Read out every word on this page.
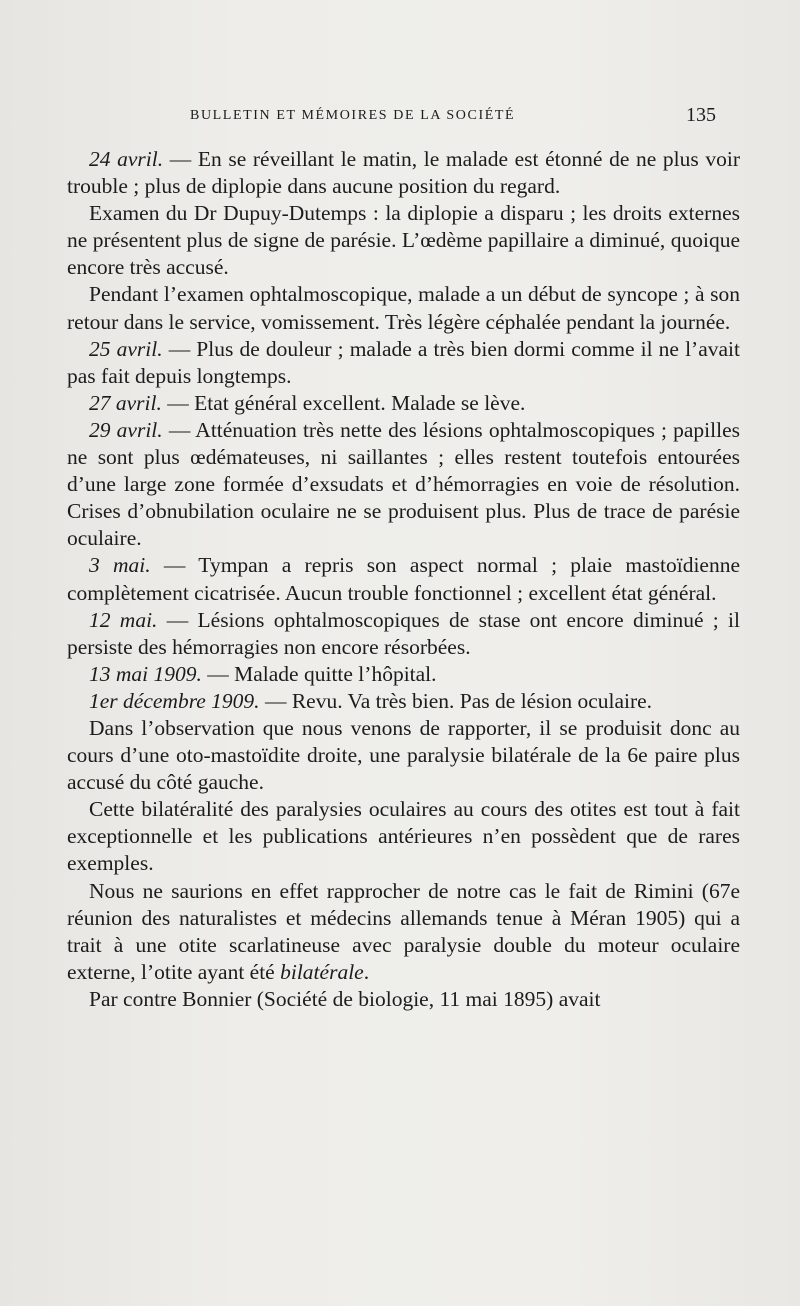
BULLETIN ET MÉMOIRES DE LA SOCIÉTÉ	135

24 avril. — En se réveillant le matin, le malade est étonné de ne plus voir trouble ; plus de diplopie dans aucune position du regard.

Examen du Dr Dupuy-Dutemps : la diplopie a disparu ; les droits externes ne présentent plus de signe de parésie. L’œdème papillaire a diminué, quoique encore très accusé.

Pendant l’examen ophtalmoscopique, malade a un début de syncope ; à son retour dans le service, vomissement. Très légère céphalée pendant la journée.

25 avril. — Plus de douleur ; malade a très bien dormi comme il ne l’avait pas fait depuis longtemps.

27 avril. — Etat général excellent. Malade se lève.

29 avril. — Atténuation très nette des lésions ophtalmoscopiques ; papilles ne sont plus œdémateuses, ni saillantes ; elles restent toutefois entourées d’une large zone formée d’exsudats et d’hémorragies en voie de résolution. Crises d’obnubilation oculaire ne se produisent plus. Plus de trace de parésie oculaire.

3 mai. — Tympan a repris son aspect normal ; plaie mastoïdienne complètement cicatrisée. Aucun trouble fonctionnel ; excellent état général.

12 mai. — Lésions ophtalmoscopiques de stase ont encore diminué ; il persiste des hémorragies non encore résorbées.

13 mai 1909. — Malade quitte l’hôpital.

1er décembre 1909. — Revu. Va très bien. Pas de lésion oculaire.

Dans l’observation que nous venons de rapporter, il se produisit donc au cours d’une oto-mastoïdite droite, une paralysie bilatérale de la 6e paire plus accusé du côté gauche.

Cette bilatéralité des paralysies oculaires au cours des otites est tout à fait exceptionnelle et les publications antérieures n’en possèdent que de rares exemples.

Nous ne saurions en effet rapprocher de notre cas le fait de Rimini (67e réunion des naturalistes et médecins allemands tenue à Méran 1905) qui a trait à une otite scarlatineuse avec paralysie double du moteur oculaire externe, l’otite ayant été bilatérale.

Par contre Bonnier (Société de biologie, 11 mai 1895) avait
